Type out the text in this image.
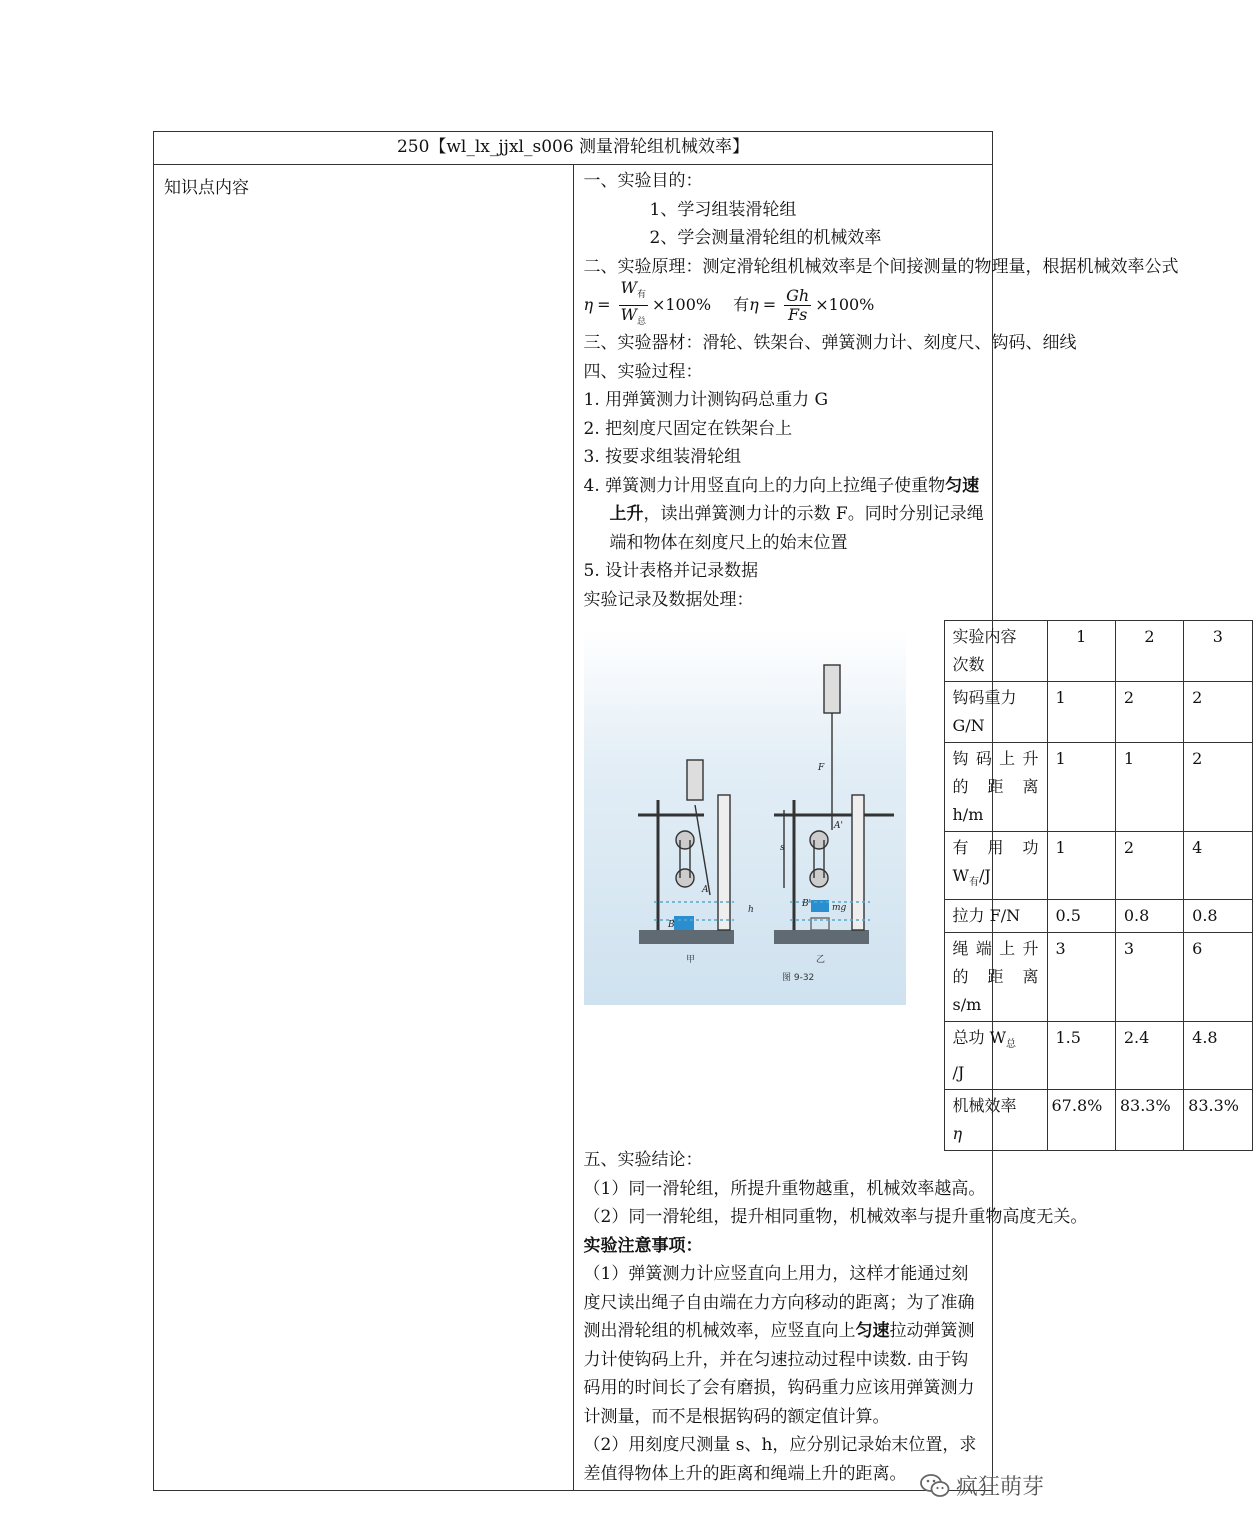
250【wl_lx_jjxl_s006 测量滑轮组机械效率】
知识点内容	一、实验目的：
1、学习组装滑轮组
2、学会测量滑轮组的机械效率
二、实验原理：测定滑轮组机械效率是个间接测量的物理量，根据机械效率公式
$\eta = \frac{W_有}{W_总} \times 100\%$ 有 $\eta = \frac{Gh}{Fs} \times 100\%$
三、实验器材：滑轮、铁架台、弹簧测力计、刻度尺、钩码、细线
四、实验过程：
1. 用弹簧测力计测钩码总重力 G
2. 把刻度尺固定在铁架台上
3. 按要求组装滑轮组
4. 弹簧测力计用竖直向上的力向上拉绳子使重物匀速上升，读出弹簧测力计的示数 F。同时分别记录绳端和物体在刻度尺上的始末位置
5. 设计表格并记录数据
实验记录及数据处理：
A
B
h
s
F
A'
B' mg
甲	乙
图 9-32
实验内容
次数
	1	2	3

钩码重力
G/N
	1	2	2

钩码上升
的 距 离
h/m
	1	1	2

有 用 功
$W_有/J$
	1	2	4

拉力 F/N	0.5	0.8	0.8

绳端上升
的 距 离
s/m
	3	3	6

总功 $W_总$
/J
	1.5	2.4	4.8

机械效率
η
	67.8%	83.3%	83.3%
五、实验结论：
（1）同一滑轮组，所提升重物越重，机械效率越高。
（2）同一滑轮组，提升相同重物，机械效率与提升重物高度无关。
实验注意事项：
（1）弹簧测力计应竖直向上用力，这样才能通过刻度尺读出绳子自由端在力方向移动的距离；为了准确测出滑轮组的机械效率，应竖直向上匀速拉动弹簧测力计使钩码上升，并在匀速拉动过程中读数. 由于钩码用的时间长了会有磨损，钩码重力应该用弹簧测力计测量，而不是根据钩码的额定值计算。
（2）用刻度尺测量 s、h，应分别记录始末位置，求差值得物体上升的距离和绳端上升的距离。
疯狂萌芽
